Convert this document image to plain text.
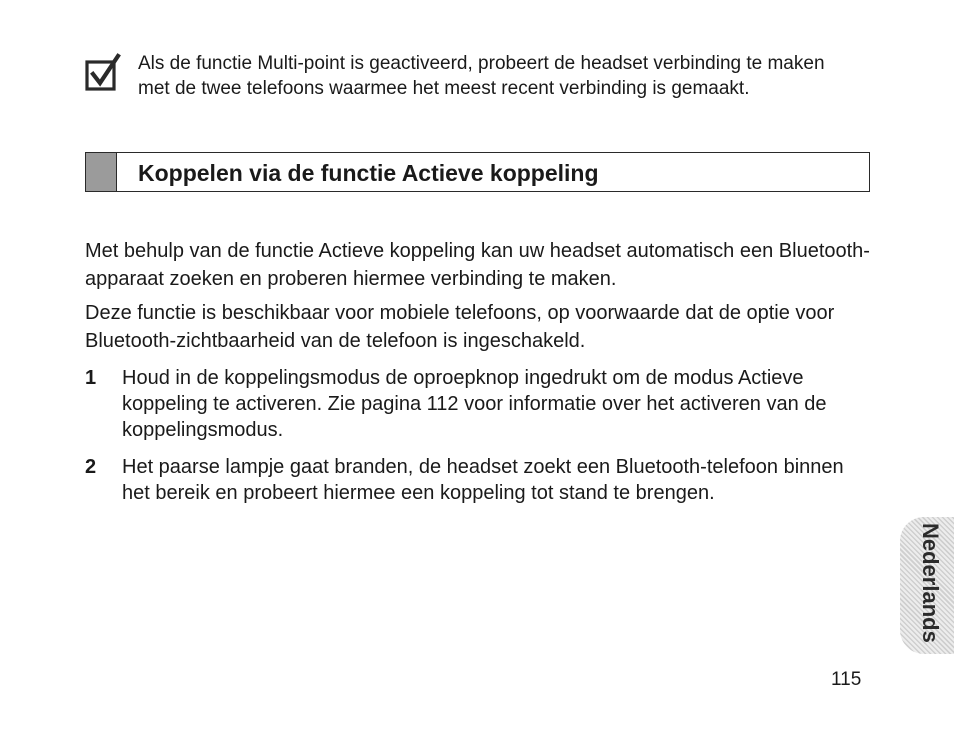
Als de functie Multi-point is geactiveerd, probeert de headset verbinding te maken met de twee telefoons waarmee het meest recent verbinding is gemaakt.
Koppelen via de functie Actieve koppeling

Met behulp van de functie Actieve koppeling kan uw headset automatisch een Bluetooth-apparaat zoeken en proberen hiermee verbinding te maken.

Deze functie is beschikbaar voor mobiele telefoons, op voorwaarde dat de optie voor Bluetooth-zichtbaarheid van de telefoon is ingeschakeld.

1 Houd in de koppelingsmodus de oproepknop ingedrukt om de modus Actieve koppeling te activeren. Zie pagina 112 voor informatie over het activeren van de koppelingsmodus.
2 Het paarse lampje gaat branden, de headset zoekt een Bluetooth-telefoon binnen het bereik en probeert hiermee een koppeling tot stand te brengen.
Nederlands
115
